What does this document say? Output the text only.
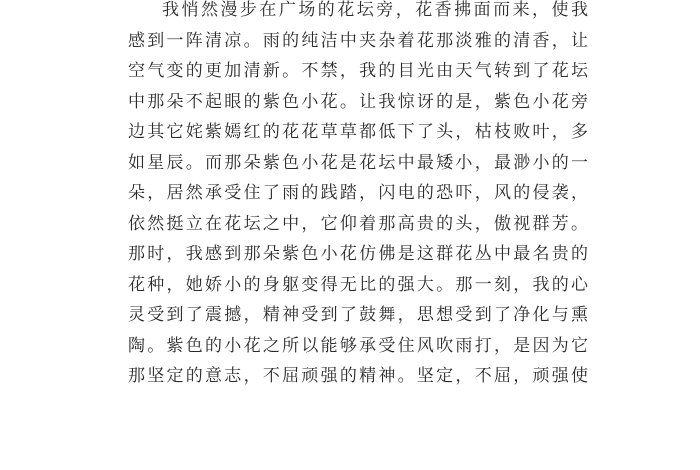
我悄然漫步在广场的花坛旁，花香拂面而来，使我
感到一阵清凉。雨的纯洁中夹杂着花那淡雅的清香，让
空气变的更加清新。不禁，我的目光由天气转到了花坛
中那朵不起眼的紫色小花。让我惊讶的是，紫色小花旁
边其它姹紫嫣红的花花草草都低下了头，枯枝败叶，多
如星辰。而那朵紫色小花是花坛中最矮小，最渺小的一
朵，居然承受住了雨的践踏，闪电的恐吓，风的侵袭，
依然挺立在花坛之中，它仰着那高贵的头，傲视群芳。
那时，我感到那朵紫色小花仿佛是这群花丛中最名贵的
花种，她娇小的身躯变得无比的强大。那一刻，我的心
灵受到了震撼，精神受到了鼓舞，思想受到了净化与熏
陶。紫色的小花之所以能够承受住风吹雨打，是因为它
那坚定的意志，不屈顽强的精神。坚定，不屈，顽强使
